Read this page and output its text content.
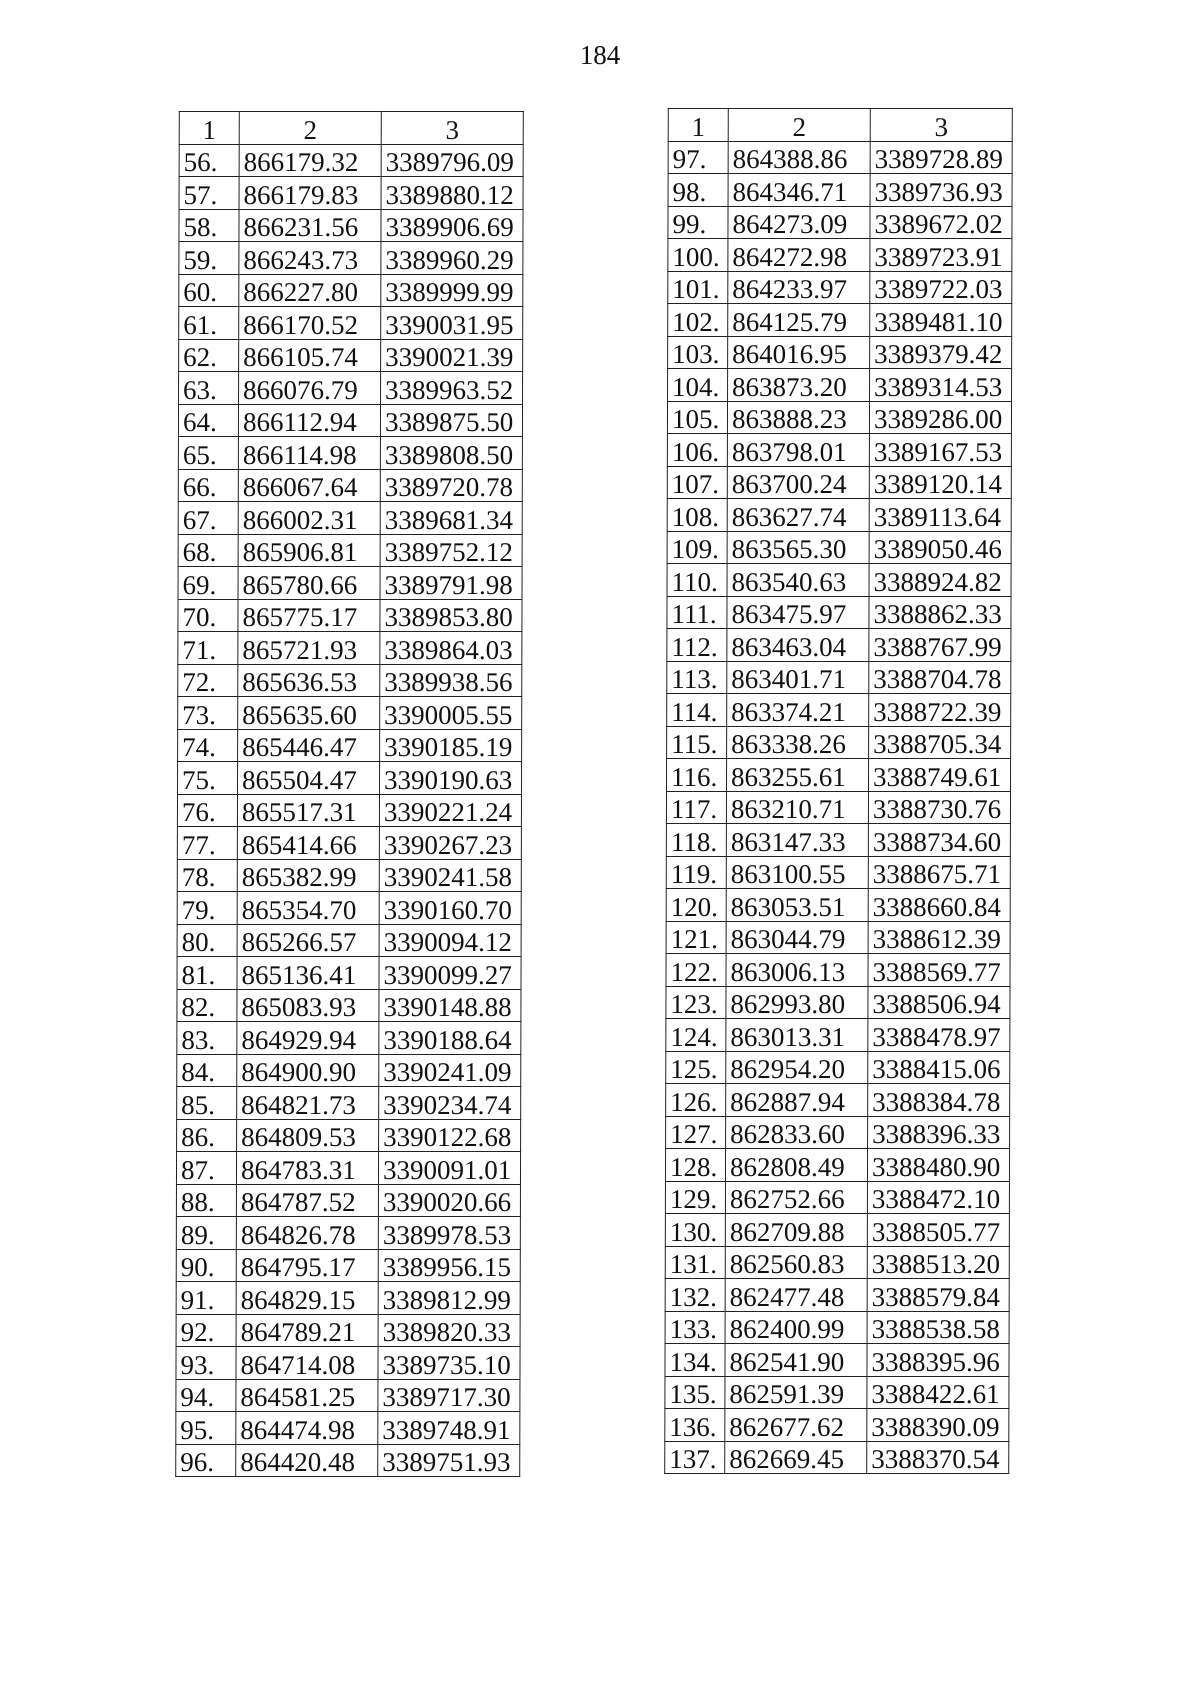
184
1	2	3
56.	866179.32	3389796.09
57.	866179.83	3389880.12
58.	866231.56	3389906.69
59.	866243.73	3389960.29
60.	866227.80	3389999.99
61.	866170.52	3390031.95
62.	866105.74	3390021.39
63.	866076.79	3389963.52
64.	866112.94	3389875.50
65.	866114.98	3389808.50
66.	866067.64	3389720.78
67.	866002.31	3389681.34
68.	865906.81	3389752.12
69.	865780.66	3389791.98
70.	865775.17	3389853.80
71.	865721.93	3389864.03
72.	865636.53	3389938.56
73.	865635.60	3390005.55
74.	865446.47	3390185.19
75.	865504.47	3390190.63
76.	865517.31	3390221.24
77.	865414.66	3390267.23
78.	865382.99	3390241.58
79.	865354.70	3390160.70
80.	865266.57	3390094.12
81.	865136.41	3390099.27
82.	865083.93	3390148.88
83.	864929.94	3390188.64
84.	864900.90	3390241.09
85.	864821.73	3390234.74
86.	864809.53	3390122.68
87.	864783.31	3390091.01
88.	864787.52	3390020.66
89.	864826.78	3389978.53
90.	864795.17	3389956.15
91.	864829.15	3389812.99
92.	864789.21	3389820.33
93.	864714.08	3389735.10
94.	864581.25	3389717.30
95.	864474.98	3389748.91
96.	864420.48	3389751.93
1	2	3
97.	864388.86	3389728.89
98.	864346.71	3389736.93
99.	864273.09	3389672.02
100.	864272.98	3389723.91
101.	864233.97	3389722.03
102.	864125.79	3389481.10
103.	864016.95	3389379.42
104.	863873.20	3389314.53
105.	863888.23	3389286.00
106.	863798.01	3389167.53
107.	863700.24	3389120.14
108.	863627.74	3389113.64
109.	863565.30	3389050.46
110.	863540.63	3388924.82
111.	863475.97	3388862.33
112.	863463.04	3388767.99
113.	863401.71	3388704.78
114.	863374.21	3388722.39
115.	863338.26	3388705.34
116.	863255.61	3388749.61
117.	863210.71	3388730.76
118.	863147.33	3388734.60
119.	863100.55	3388675.71
120.	863053.51	3388660.84
121.	863044.79	3388612.39
122.	863006.13	3388569.77
123.	862993.80	3388506.94
124.	863013.31	3388478.97
125.	862954.20	3388415.06
126.	862887.94	3388384.78
127.	862833.60	3388396.33
128.	862808.49	3388480.90
129.	862752.66	3388472.10
130.	862709.88	3388505.77
131.	862560.83	3388513.20
132.	862477.48	3388579.84
133.	862400.99	3388538.58
134.	862541.90	3388395.96
135.	862591.39	3388422.61
136.	862677.62	3388390.09
137.	862669.45	3388370.54
